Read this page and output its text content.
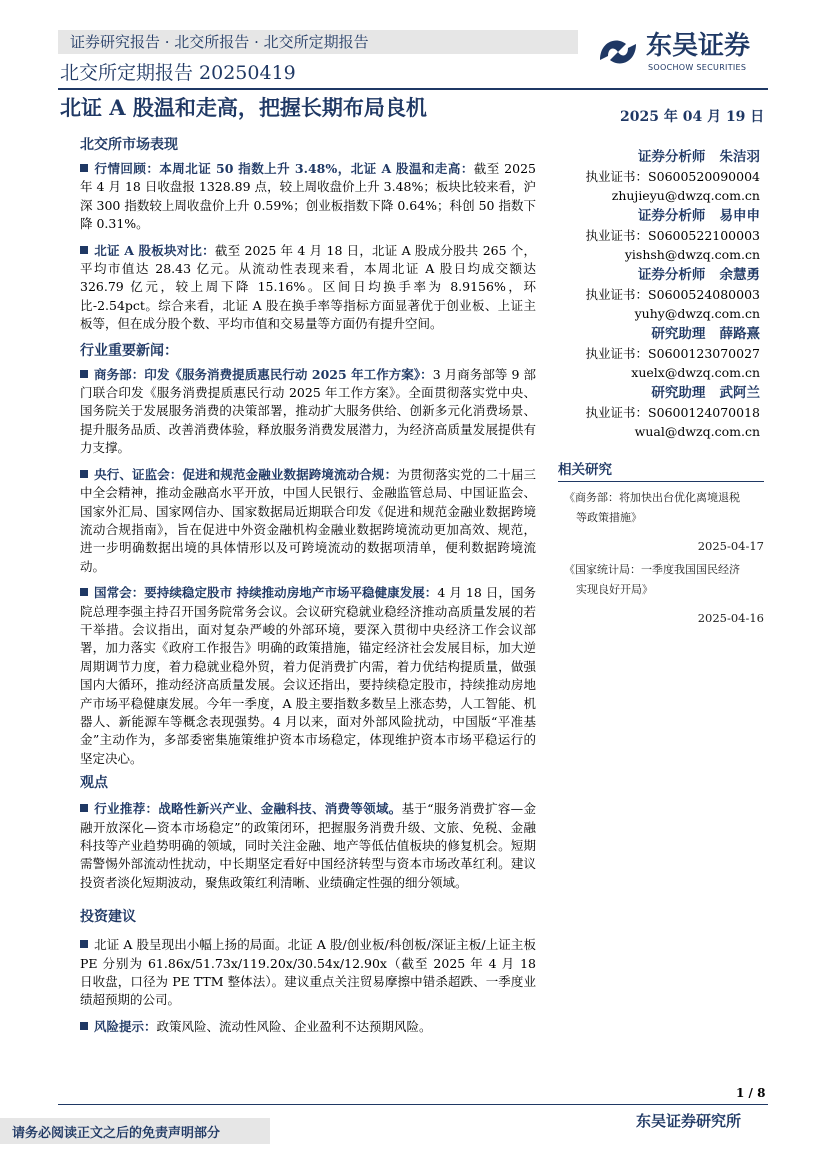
证券研究报告 · 北交所报告 · 北交所定期报告
北交所定期报告 20250419
东吴证券
SOOCHOW SECURITIES
北证 A 股温和走高，把握长期布局良机	2025 年 04 月 19 日
北交所市场表现
行情回顾：本周北证 50 指数上升 3.48%，北证 A 股温和走高：截至 2025 年 4 月 18 日收盘报 1328.89 点，较上周收盘价上升 3.48%；板块比较来看，沪深 300 指数较上周收盘价上升 0.59%；创业板指数下降 0.64%；科创 50 指数下降 0.31%。
北证 A 股板块对比：截至 2025 年 4 月 18 日，北证 A 股成分股共 265 个，平均市值达 28.43 亿元。从流动性表现来看，本周北证 A 股日均成交额达 326.79 亿元，较上周下降 15.16%。区间日均换手率为 8.9156%，环比-2.54pct。综合来看，北证 A 股在换手率等指标方面显著优于创业板、上证主板等，但在成分股个数、平均市值和交易量等方面仍有提升空间。
行业重要新闻：
商务部：印发《服务消费提质惠民行动 2025 年工作方案》：3 月商务部等 9 部门联合印发《服务消费提质惠民行动 2025 年工作方案》。全面贯彻落实党中央、国务院关于发展服务消费的决策部署，推动扩大服务供给、创新多元化消费场景、提升服务品质、改善消费体验，释放服务消费发展潜力，为经济高质量发展提供有力支撑。
央行、证监会：促进和规范金融业数据跨境流动合规：为贯彻落实党的二十届三中全会精神，推动金融高水平开放，中国人民银行、金融监管总局、中国证监会、国家外汇局、国家网信办、国家数据局近期联合印发《促进和规范金融业数据跨境流动合规指南》，旨在促进中外资金融机构金融业数据跨境流动更加高效、规范，进一步明确数据出境的具体情形以及可跨境流动的数据项清单，便利数据跨境流动。
国常会：要持续稳定股市 持续推动房地产市场平稳健康发展：4 月 18 日，国务院总理李强主持召开国务院常务会议。会议研究稳就业稳经济推动高质量发展的若干举措。会议指出，面对复杂严峻的外部环境，要深入贯彻中央经济工作会议部署，加力落实《政府工作报告》明确的政策措施，锚定经济社会发展目标，加大逆周期调节力度，着力稳就业稳外贸，着力促消费扩内需，着力优结构提质量，做强国内大循环，推动经济高质量发展。会议还指出，要持续稳定股市，持续推动房地产市场平稳健康发展。今年一季度，A 股主要指数多数呈上涨态势，人工智能、机器人、新能源车等概念表现强势。4 月以来，面对外部风险扰动，中国版“平准基金”主动作为，多部委密集施策维护资本市场稳定，体现维护资本市场平稳运行的坚定决心。
观点
行业推荐：战略性新兴产业、金融科技、消费等领域。基于“服务消费扩容—金融开放深化—资本市场稳定”的政策闭环，把握服务消费升级、文旅、免税、金融科技等产业趋势明确的领域，同时关注金融、地产等低估值板块的修复机会。短期需警惕外部流动性扰动，中长期坚定看好中国经济转型与资本市场改革红利。建议投资者淡化短期波动，聚焦政策红利清晰、业绩确定性强的细分领域。
投资建议
北证 A 股呈现出小幅上扬的局面。北证 A 股/创业板/科创板/深证主板/上证主板 PE 分别为 61.86x/51.73x/119.20x/30.54x/12.90x（截至 2025 年 4 月 18 日收盘，口径为 PE TTM 整体法）。建议重点关注贸易摩擦中错杀超跌、一季度业绩超预期的公司。
风险提示：政策风险、流动性风险、企业盈利不达预期风险。
证券分析师 朱洁羽
执业证书：S0600520090004
zhujieyu@dwzq.com.cn
证券分析师 易申申
执业证书：S0600522100003
yishsh@dwzq.com.cn
证券分析师 余慧勇
执业证书：S0600524080003
yuhy@dwzq.com.cn
研究助理 薛路熹
执业证书：S0600123070027
xuelx@dwzq.com.cn
研究助理 武阿兰
执业证书：S0600124070018
wual@dwzq.com.cn
相关研究
《商务部：将加快出台优化离境退税
等政策措施》
2025-04-17
《国家统计局：一季度我国国民经济
实现良好开局》
2025-04-16
1 / 8
东吴证券研究所
请务必阅读正文之后的免责声明部分
